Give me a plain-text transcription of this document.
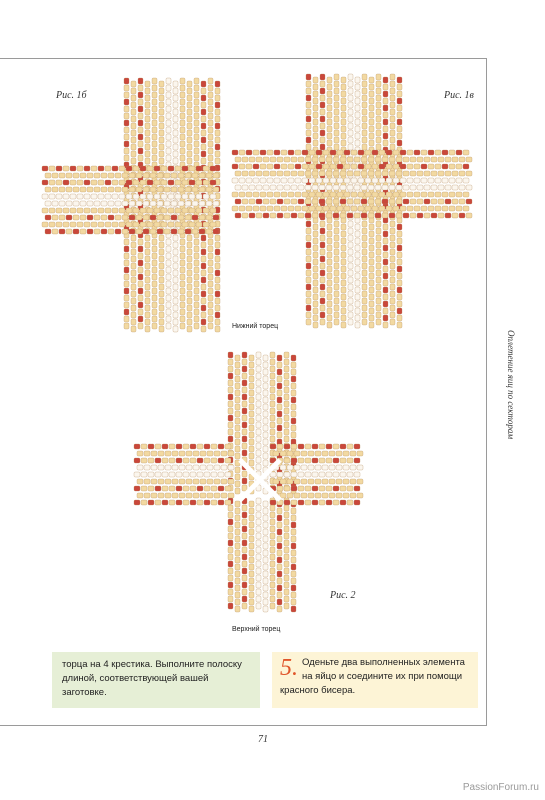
Рис. 1б	Рис. 1в
Нижний торец
Рис. 2
Верхний торец
Оплетение яиц по секторам
торца на 4 крестика. Выполните полоску длиной, соответствующей вашей заготовке.
5. Оденьте два выполненных элемента на яйцо и соедините их при помощи красного бисера.
71
PassionForum.ru
